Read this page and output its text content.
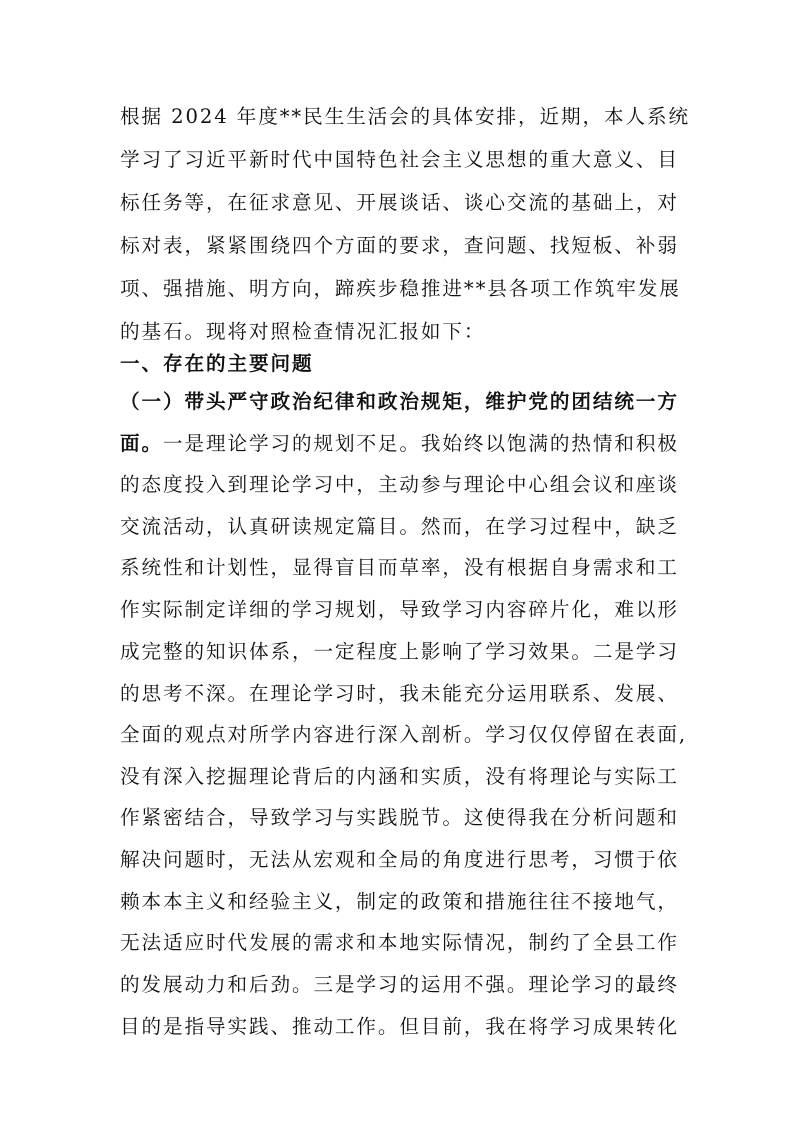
根据 2024 年度**民生生活会的具体安排，近期，本人系统
学习了习近平新时代中国特色社会主义思想的重大意义、目
标任务等，在征求意见、开展谈话、谈心交流的基础上，对
标对表，紧紧围绕四个方面的要求，查问题、找短板、补弱
项、强措施、明方向，蹄疾步稳推进**县各项工作筑牢发展
的基石。现将对照检查情况汇报如下：
一、存在的主要问题
（一）带头严守政治纪律和政治规矩，维护党的团结统一方
面。一是理论学习的规划不足。我始终以饱满的热情和积极
的态度投入到理论学习中，主动参与理论中心组会议和座谈
交流活动，认真研读规定篇目。然而，在学习过程中，缺乏
系统性和计划性，显得盲目而草率，没有根据自身需求和工
作实际制定详细的学习规划，导致学习内容碎片化，难以形
成完整的知识体系，一定程度上影响了学习效果。二是学习
的思考不深。在理论学习时，我未能充分运用联系、发展、
全面的观点对所学内容进行深入剖析。学习仅仅停留在表面,
没有深入挖掘理论背后的内涵和实质，没有将理论与实际工
作紧密结合，导致学习与实践脱节。这使得我在分析问题和
解决问题时，无法从宏观和全局的角度进行思考，习惯于依
赖本本主义和经验主义，制定的政策和措施往往不接地气，
无法适应时代发展的需求和本地实际情况，制约了全县工作
的发展动力和后劲。三是学习的运用不强。理论学习的最终
目的是指导实践、推动工作。但目前，我在将学习成果转化
